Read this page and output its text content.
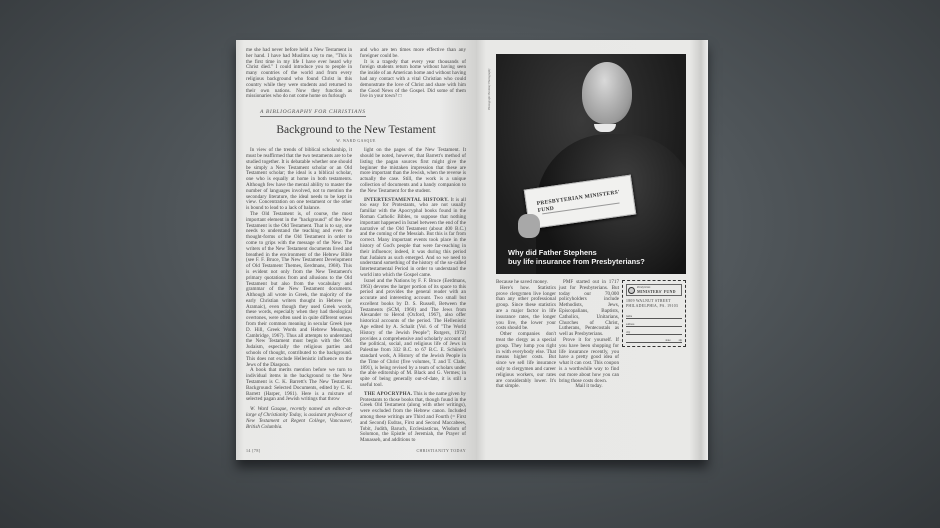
me she had never before held a New Testament in her hand. I have had Muslims say to me, "This is the first time in my life I have ever heard why Christ died." I could introduce you to people in many countries of the world and from every religious background who found Christ in this country while they were students and returned to their own nations. Now they function as missionaries who do not come home on furlough

and who are ten times more effective than any foreigner could be.

It is a tragedy that every year thousands of foreign students return home without having seen the inside of an American home and without having had any contact with a vital Christian who could demonstrate the love of Christ and share with him the Good News of the Gospel. Did some of them live in your town? □

A BIBLIOGRAPHY FOR CHRISTIANS
Background to the New Testament
W. WARD GASQUE

In view of the trends of biblical scholarship, it must be reaffirmed that the two testaments are to be studied together. It is debatable whether one should be simply a New Testament scholar or an Old Testament scholar; the ideal is a biblical scholar, one who is equally at home in both testaments. Although few have the mental ability to master the number of languages involved, not to mention the secondary literature, the ideal needs to be kept in view. Concentration on one testament or the other is bound to lead to a lack of balance.

The Old Testament is, of course, the most important element in the "background" of the New Testament is the Old Testament. That is to say, one needs to understand the teaching and even the thought-forms of the Old Testament in order to come to grips with the message of the New. The writers of the New Testament documents lived and breathed in the environment of the Hebrew Bible (see F. F. Bruce, The New Testament Development of Old Testament Themes, Eerdmans, 1968). This is evident not only from the New Testament's primary quotations from and allusions to the Old Testament but also from the vocabulary and grammar of the New Testament documents. Although all wrote in Greek, the majority of the early Christian writers thought in Hebrew (or Aramaic), even though they used Greek words, these words, especially when they had theological overtones, were often used in quite different senses from their common meaning in secular Greek (see D. Hill, Greek Words and Hebrew Meanings, Cambridge, 1967). Thus all attempts to understand the New Testament must begin with the Old. Judaism, especially the religious parties and schools of thought, contributed to the background. This does not exclude Hellenistic influence on the Jews of the Diaspora.

A book that merits mention before we turn to individual items in the background to the New Testament is C. K. Barrett's The New Testament Background: Selected Documents, edited by C. K. Barrett (Harper, 1961). Here is a mixture of selected pagan and Jewish writings that throw

W. Ward Gasque, recently named an editor-at-large of Christianity Today, is assistant professor of New Testament at Regent College, Vancouver, British Columbia.

light on the pages of the New Testament. It should be noted, however, that Barrett's method of listing the pagan sources first might give the beginner the mistaken impression that these are more important than the Jewish, when the reverse is actually the case. Still, the work is a unique collection of documents and a handy companion to the New Testament for the student.

INTERTESTAMENTAL HISTORY. It is all too easy for Protestants, who are not usually familiar with the Apocryphal books found in the Roman Catholic Bibles, to suppose that nothing important happened in Israel between the end of the narrative of the Old Testament (about 400 B.C.) and the coming of the Messiah. But this is far from correct. Many important events took place in the history of God's people that were far-reaching in their influence; indeed, it was during this period that Judaism as such emerged. And so we need to understand something of the history of the so-called Intertestamental Period in order to understand the world into which the Gospel came.

Israel and the Nations by F. F. Bruce (Eerdmans, 1963) devotes the larger portion of its space to this period and provides the general reader with an accurate and interesting account. Two small but excellent books by D. S. Russell, Between the Testaments (SCM, 1960) and The Jews from Alexander to Herod (Oxford, 1967), also offer historical accounts of the period. The Hellenistic Age edited by A. Schalit (Vol. 6 of "The World History of the Jewish People"; Rutgers, 1972) provides a comprehensive and scholarly account of the political, social, and religious life of Jews in Palestine from 332 B.C. to 67 B.C. E. Schürer's standard work, A History of the Jewish People in the Time of Christ (five volumes, T. and T. Clark, 1891), is being revised by a team of scholars under the able editorship of M. Black and G. Vermes; in spite of being generally out-of-date, it is still a useful tool.

THE APOCRYPHA. This is the name given by Protestants to those books that, though found in the Greek Old Testament (along with other writings), were excluded from the Hebrew canon. Included among these writings are Third and Fourth (= First and Second) Esdras, First and Second Maccabees, Tobit, Judith, Baruch, Ecclesiasticus, Wisdom of Solomon, the Epistle of Jeremiah, the Prayer of Manasseh, and additions to

14 [78]	CHRISTIANITY TODAY
Photograph: Brodsky Photography
PRESBYTERIAN MINISTERS' FUND
Why did Father Stephens
buy life insurance from Presbyterians?

Because he saved money.

Here's how. Statistics prove clergymen live longer than any other professional group. Since these statistics are a major factor in life insurance rates, the longer you live, the lower your costs should be.

Other companies don't treat the clergy as a special group. They lump you right in with everybody else. That means higher costs. But since we sell life insurance only to clergymen and career religious workers, our rates are considerably lower. It's that simple.

PMF started out in 1717 just for Presbyterians. But today our 70,000 policyholders include Methodists, Jews, Episcopalians, Baptists, Catholics, Unitarians, Churches of Christ, Lutherans, Pentecostals as well as Presbyterians.

Prove it for yourself. If you have been shopping for life insurance recently, you have a pretty good idea of what it can cost. This coupon is a worthwhile way to find out more about how you can bring those costs down.

Mail it today.

Presbyterian
MINISTERS' FUND
1809 WALNUT STREET
PHILADELPHIA, PA. 19103
name
address
city
state	zip
